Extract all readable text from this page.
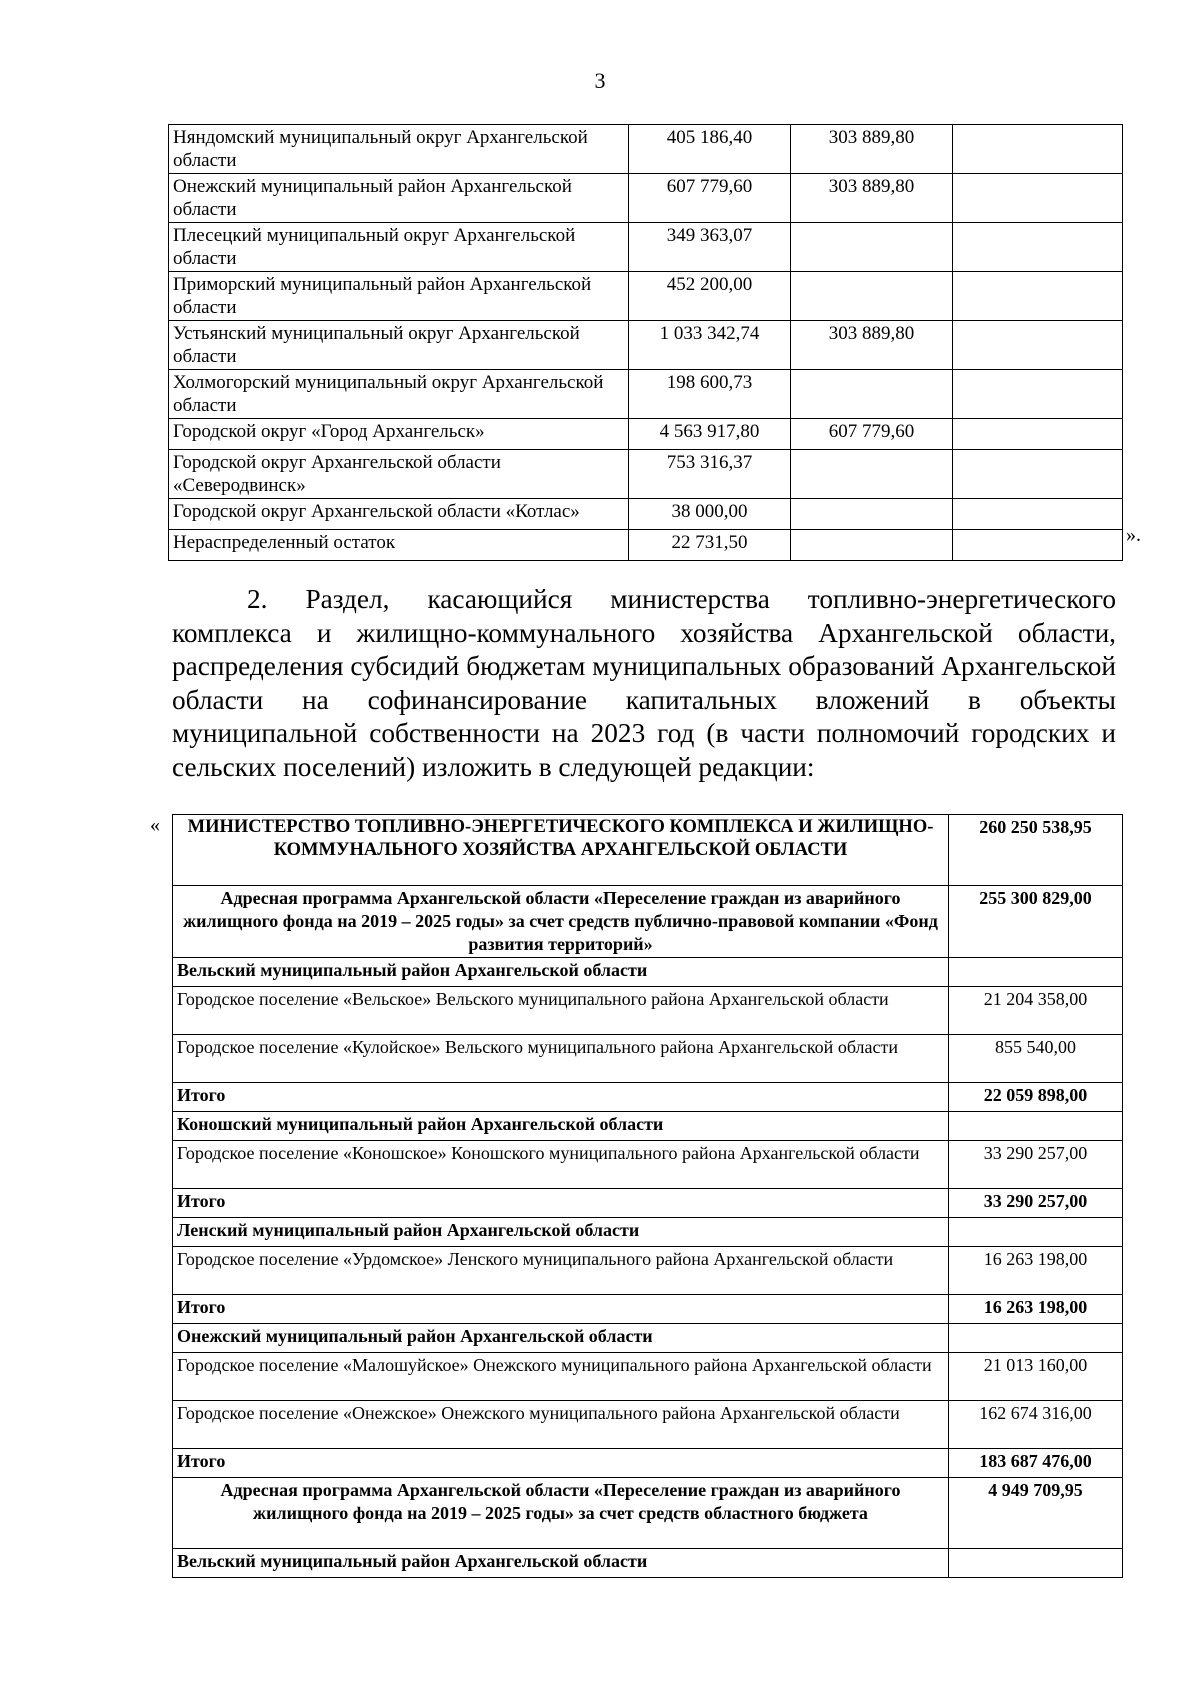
3
Няндомский муниципальный округ Архангельской области	405 186,40	303 889,80	
Онежский муниципальный район Архангельской области	607 779,60	303 889,80	
Плесецкий муниципальный округ Архангельской области	349 363,07		
Приморский муниципальный район Архангельской области	452 200,00		
Устьянский муниципальный округ Архангельской области	1 033 342,74	303 889,80	
Холмогорский муниципальный округ Архангельской области	198 600,73		
Городской округ «Город Архангельск»	4 563 917,80	607 779,60	
Городской округ Архангельской области «Северодвинск»	753 316,37		
Городской округ Архангельской области «Котлас»	38 000,00		
Нераспределенный остаток	22 731,50			».
2. Раздел, касающийся министерства топливно-энергетического комплекса и жилищно-коммунального хозяйства Архангельской области, распределения субсидий бюджетам муниципальных образований Архангельской области на софинансирование капитальных вложений в объекты муниципальной собственности на 2023 год (в части полномочий городских и сельских поселений) изложить в следующей редакции:
« МИНИСТЕРСТВО ТОПЛИВНО-ЭНЕРГЕТИЧЕСКОГО КОМПЛЕКСА И ЖИЛИЩНО-КОММУНАЛЬНОГО ХОЗЯЙСТВА АРХАНГЕЛЬСКОЙ ОБЛАСТИ	260 250 538,95
Адресная программа Архангельской области «Переселение граждан из аварийного жилищного фонда на 2019 – 2025 годы» за счет средств публично-правовой компании «Фонд развития территорий»	255 300 829,00
Вельский муниципальный район Архангельской области	
Городское поселение «Вельское» Вельского муниципального района Архангельской области	21 204 358,00
Городское поселение «Кулойское» Вельского муниципального района Архангельской области	855 540,00
Итого	22 059 898,00
Коношский муниципальный район Архангельской области	
Городское поселение «Коношское» Коношского муниципального района Архангельской области	33 290 257,00
Итого	33 290 257,00
Ленский муниципальный район Архангельской области	
Городское поселение «Урдомское» Ленского муниципального района Архангельской области	16 263 198,00
Итого	16 263 198,00
Онежский муниципальный район Архангельской области	
Городское поселение «Малошуйское» Онежского муниципального района Архангельской области	21 013 160,00
Городское поселение «Онежское» Онежского муниципального района Архангельской области	162 674 316,00
Итого	183 687 476,00
Адресная программа Архангельской области «Переселение граждан из аварийного жилищного фонда на 2019 – 2025 годы» за счет средств областного бюджета	4 949 709,95
Вельский муниципальный район Архангельской области	
